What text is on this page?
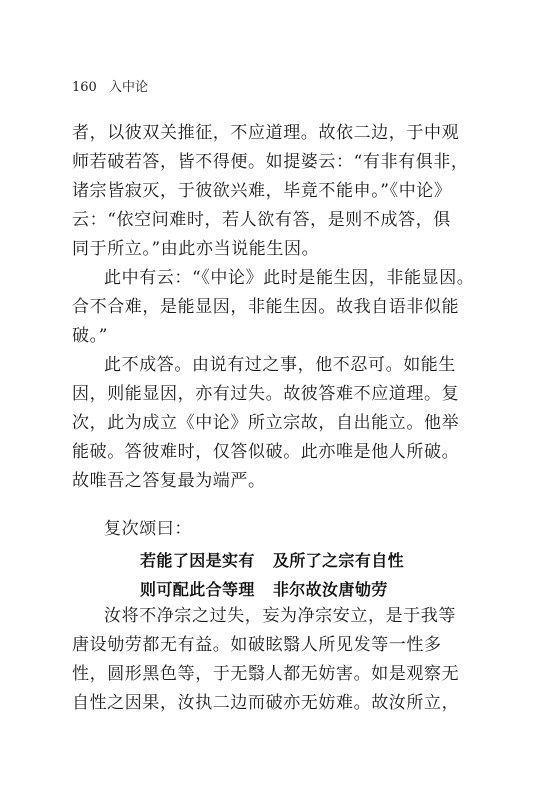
160 入中论
者，以彼双关推征，不应道理。故依二边，于中观
师若破若答，皆不得便。如提婆云：“有非有俱非，
诸宗皆寂灭，于彼欲兴难，毕竟不能申。”《中论》
云：“依空问难时，若人欲有答，是则不成答，俱
同于所立。”由此亦当说能生因。
此中有云：“《中论》此时是能生因，非能显因。
合不合难，是能显因，非能生因。故我自语非似能
破。”
此不成答。由说有过之事，他不忍可。如能生
因，则能显因，亦有过失。故彼答难不应道理。复
次，此为成立《中论》所立宗故，自出能立。他举
能破。答彼难时，仅答似破。此亦唯是他人所破。
故唯吾之答复最为端严。
复次颂曰：
若能了因是实有 及所了之宗有自性
则可配此合等理 非尔故汝唐劬劳
汝将不净宗之过失，妄为净宗安立，是于我等
唐设劬劳都无有益。如破眩翳人所见发等一性多
性，圆形黑色等，于无翳人都无妨害。如是观察无
自性之因果，汝执二边而破亦无妨难。故汝所立，
